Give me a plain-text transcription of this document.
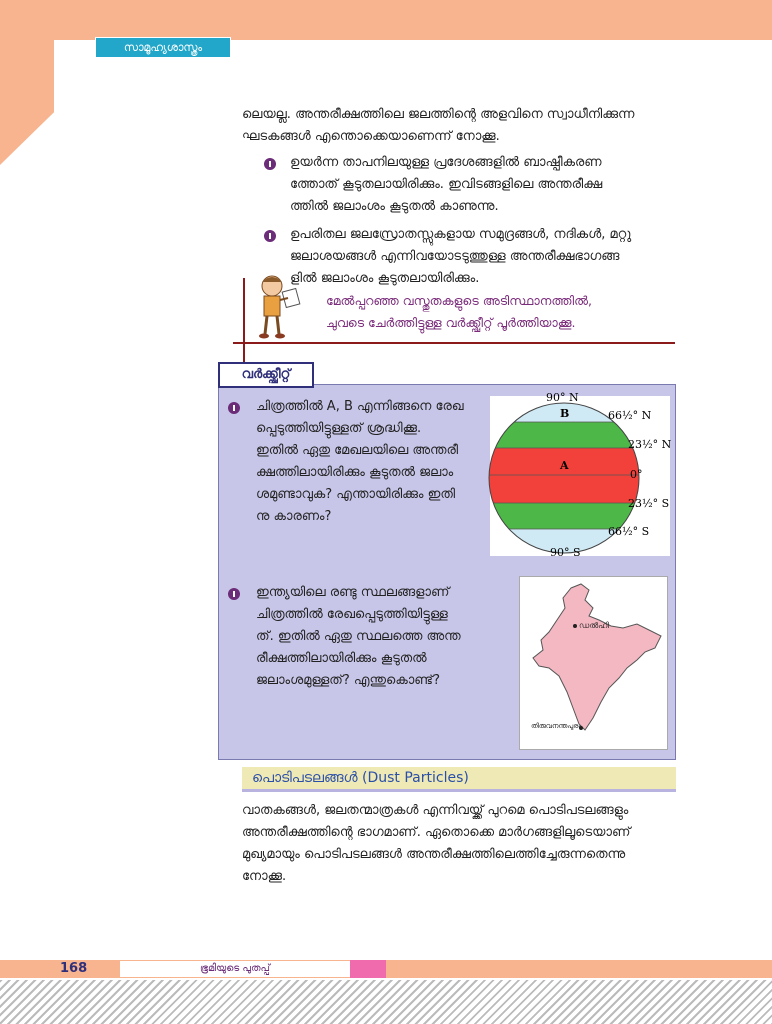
സാമൂഹ്യശാസ്ത്രം
ലെയല്ല. അന്തരീക്ഷത്തിലെ ജലത്തിന്റെ അളവിനെ സ്വാധീനിക്കുന്ന
ഘടകങ്ങൾ എന്തൊക്കെയാണെന്ന് നോക്കൂ.
ഉയർന്ന താപനിലയുള്ള പ്രദേശങ്ങളിൽ ബാഷ്പീകരണ
ത്തോത് കൂടുതലായിരിക്കും. ഇവിടങ്ങളിലെ അന്തരീക്ഷ
ത്തിൽ ജലാംശം കൂടുതൽ കാണുന്നു.
ഉപരിതല ജലസ്രോതസ്സുകളായ സമുദ്രങ്ങൾ, നദികൾ, മറ്റു
ജലാശയങ്ങൾ എന്നിവയോടടുത്തുള്ള അന്തരീക്ഷഭാഗങ്ങ
ളിൽ ജലാംശം കൂടുതലായിരിക്കും.
മേൽപ്പറഞ്ഞ വസ്തുതകളുടെ അടിസ്ഥാനത്തിൽ,
ചുവടെ ചേർത്തിട്ടുള്ള വർക്ക്ഷീറ്റ് പൂർത്തിയാക്കൂ.
വർക്ക്ഷീറ്റ്
ചിത്രത്തിൽ A, B എന്നിങ്ങനെ രേഖ
പ്പെടുത്തിയിട്ടുള്ളത് ശ്രദ്ധിക്കൂ.
ഇതിൽ ഏതു മേഖലയിലെ അന്തരീ
ക്ഷത്തിലായിരിക്കും കൂടുതൽ ജലാം
ശമുണ്ടാവുക? എന്തായിരിക്കും ഇതി
നു കാരണം?
90° N
66½° N
23½° N
0°
23½° S
66½° S
90° S
B
A
ഇന്ത്യയിലെ രണ്ടു സ്ഥലങ്ങളാണ്
ചിത്രത്തിൽ രേഖപ്പെടുത്തിയിട്ടുള്ള
ത്. ഇതിൽ ഏതു സ്ഥലത്തെ അന്ത
രീക്ഷത്തിലായിരിക്കും കൂടുതൽ
ജലാംശമുള്ളത്? എന്തുകൊണ്ട്?
ഡൽഹി
തിരുവനന്തപുരം
പൊടിപടലങ്ങൾ (Dust Particles)
വാതകങ്ങൾ, ജലതന്മാത്രകൾ എന്നിവയ്ക്ക് പുറമെ പൊടിപടലങ്ങളും
അന്തരീക്ഷത്തിന്റെ ഭാഗമാണ്. ഏതൊക്കെ മാർഗങ്ങളിലൂടെയാണ്
മുഖ്യമായും പൊടിപടലങ്ങൾ അന്തരീക്ഷത്തിലെത്തിച്ചേരുന്നതെന്നു
നോക്കൂ.
168	ഭൂമിയുടെ പുതപ്പ്
